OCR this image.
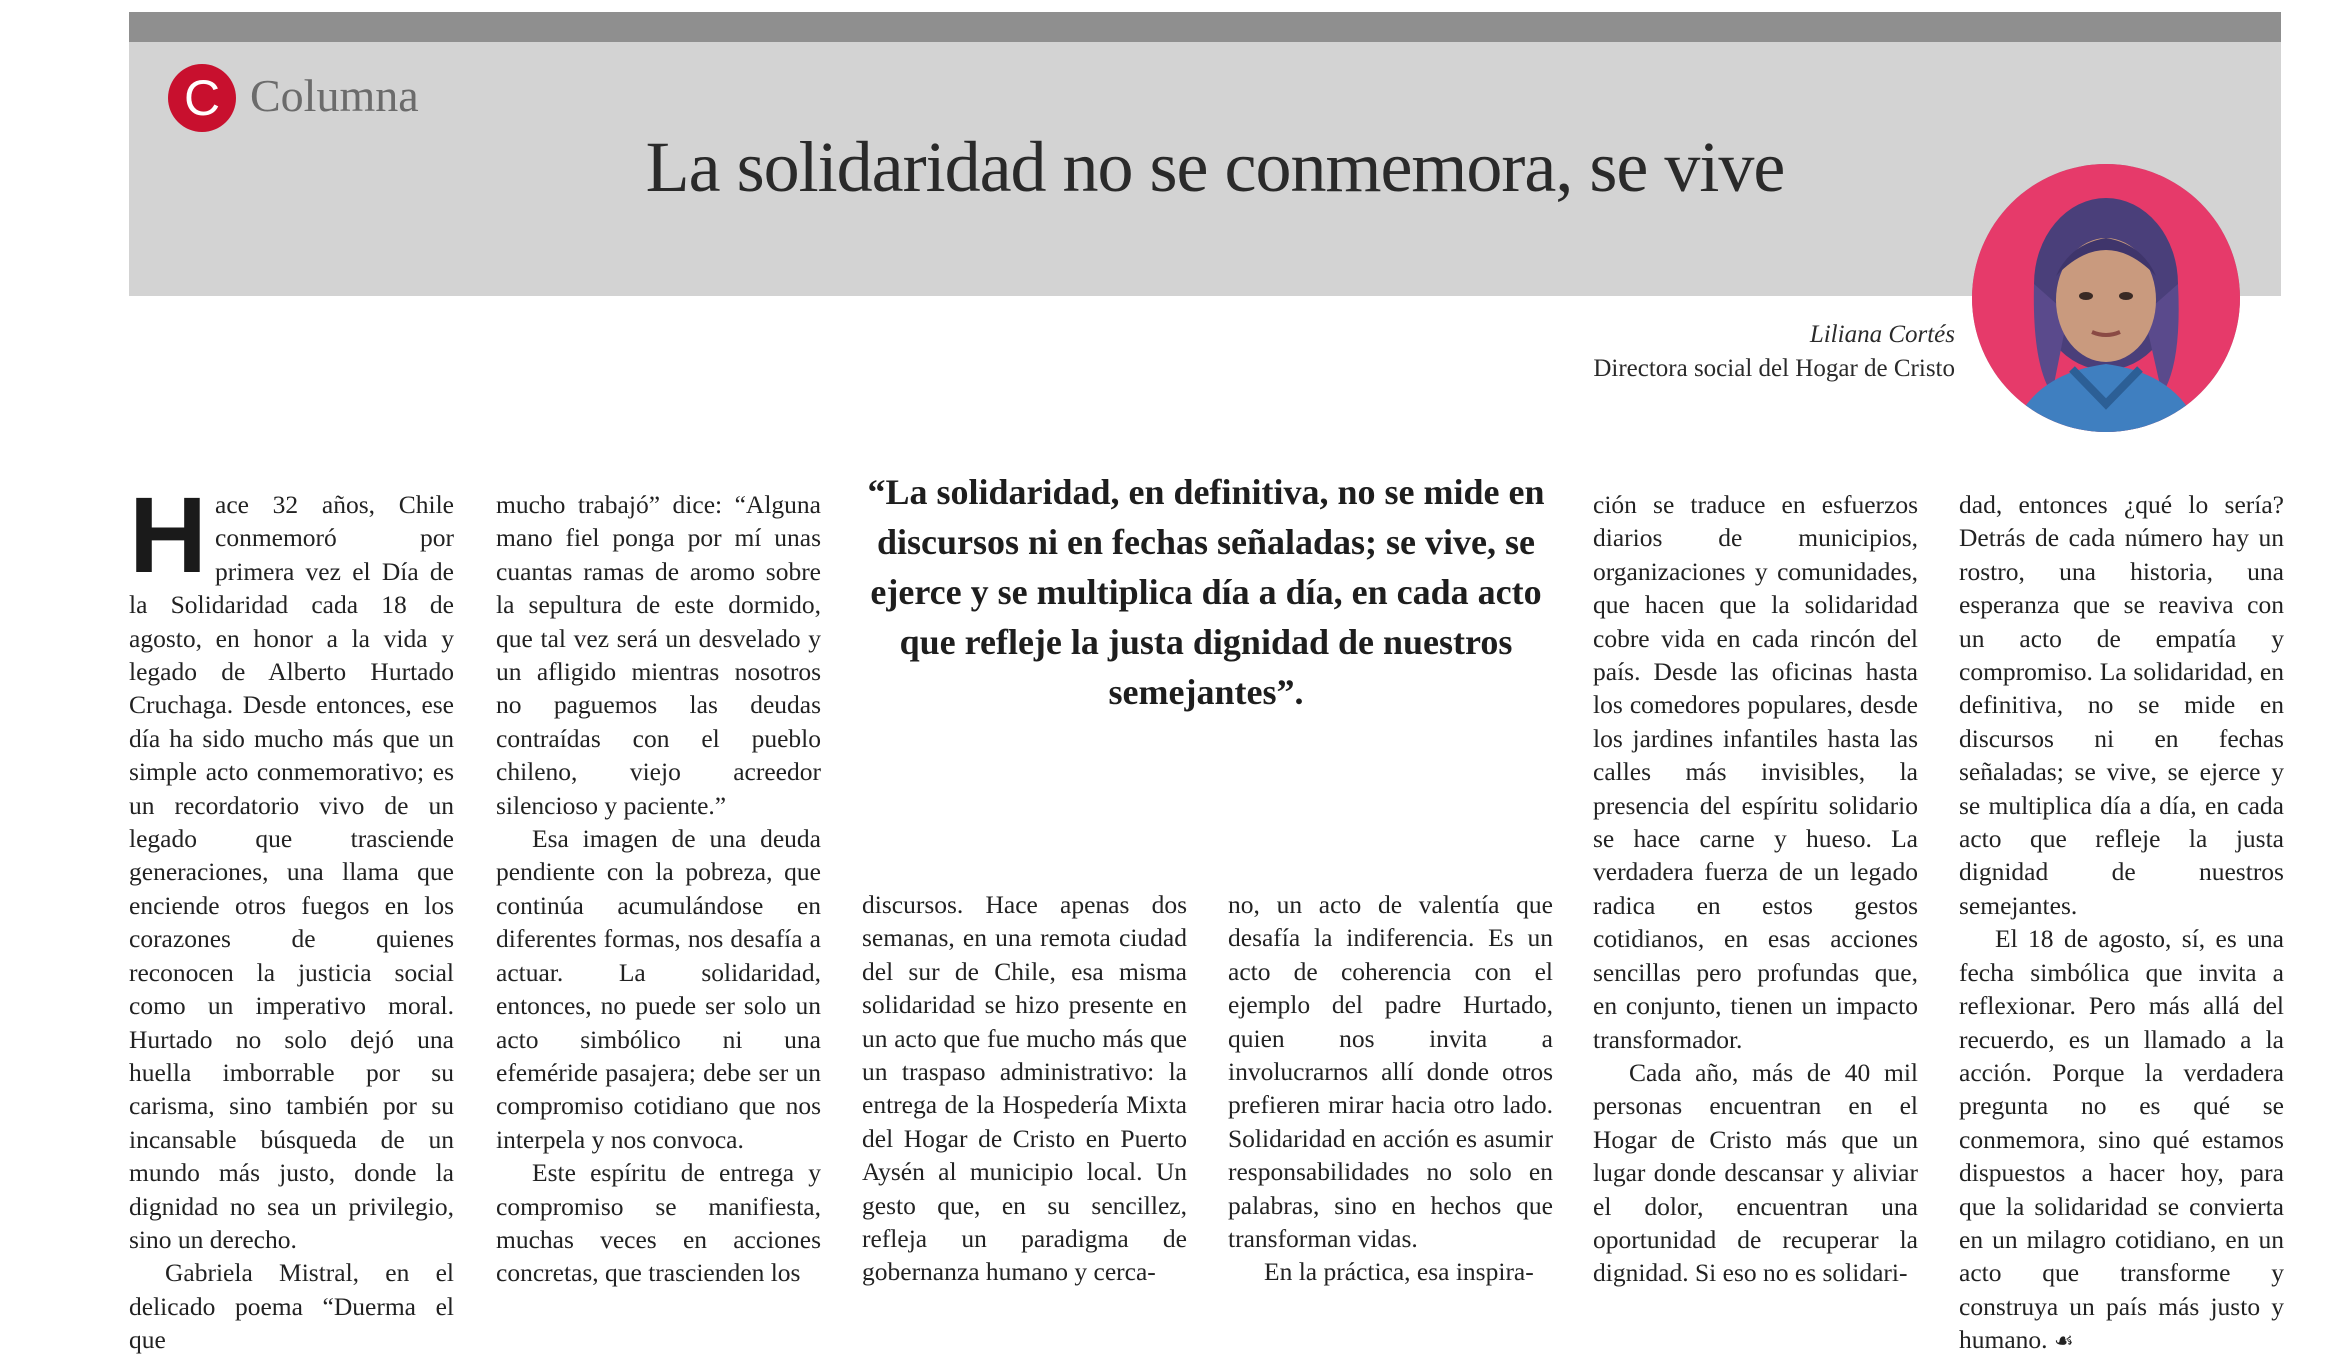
C Columna
La solidaridad no se conmemora, se vive
Liliana Cortés
Directora social del Hogar de Cristo

Hace 32 años, Chile conmemoró por primera vez el Día de la Solidaridad cada 18 de agosto, en honor a la vida y legado de Alberto Hurtado Cruchaga. Desde entonces, ese día ha sido mucho más que un simple acto conmemorativo; es un recordatorio vivo de un legado que trasciende generaciones, una llama que enciende otros fuegos en los corazones de quienes reconocen la justicia social como un imperativo moral. Hurtado no solo dejó una huella imborrable por su carisma, sino también por su incansable búsqueda de un mundo más justo, donde la dignidad no sea un privilegio, sino un derecho.

Gabriela Mistral, en el delicado poema “Duerma el que

mucho trabajó” dice: “Alguna mano fiel ponga por mí unas cuantas ramas de aromo sobre la sepultura de este dormido, que tal vez será un desvelado y un afligido mientras nosotros no paguemos las deudas contraídas con el pueblo chileno, viejo acreedor silencioso y paciente.”

Esa imagen de una deuda pendiente con la pobreza, que continúa acumulándose en diferentes formas, nos desafía a actuar. La solidaridad, entonces, no puede ser solo un acto simbólico ni una efeméride pasajera; debe ser un compromiso cotidiano que nos interpela y nos convoca.

Este espíritu de entrega y compromiso se manifiesta, muchas veces en acciones concretas, que trascienden los

“La solidaridad, en definitiva, no se mide en discursos ni en fechas señaladas; se vive, se ejerce y se multiplica día a día, en cada acto que refleje la justa dignidad de nuestros semejantes”.

discursos. Hace apenas dos semanas, en una remota ciudad del sur de Chile, esa misma solidaridad se hizo presente en un acto que fue mucho más que un traspaso administrativo: la entrega de la Hospedería Mixta del Hogar de Cristo en Puerto Aysén al municipio local. Un gesto que, en su sencillez, refleja un paradigma de gobernanza humano y cerca-

no, un acto de valentía que desafía la indiferencia. Es un acto de coherencia con el ejemplo del padre Hurtado, quien nos invita a involucrarnos allí donde otros prefieren mirar hacia otro lado. Solidaridad en acción es asumir responsabilidades no solo en palabras, sino en hechos que transforman vidas.

En la práctica, esa inspira-

ción se traduce en esfuerzos diarios de municipios, organizaciones y comunidades, que hacen que la solidaridad cobre vida en cada rincón del país. Desde las oficinas hasta los comedores populares, desde los jardines infantiles hasta las calles más invisibles, la presencia del espíritu solidario se hace carne y hueso. La verdadera fuerza de un legado radica en estos gestos cotidianos, en esas acciones sencillas pero profundas que, en conjunto, tienen un impacto transformador.

Cada año, más de 40 mil personas encuentran en el Hogar de Cristo más que un lugar donde descansar y aliviar el dolor, encuentran una oportunidad de recuperar la dignidad. Si eso no es solidari-

dad, entonces ¿qué lo sería? Detrás de cada número hay un rostro, una historia, una esperanza que se reaviva con un acto de empatía y compromiso. La solidaridad, en definitiva, no se mide en discursos ni en fechas señaladas; se vive, se ejerce y se multiplica día a día, en cada acto que refleje la justa dignidad de nuestros semejantes.

El 18 de agosto, sí, es una fecha simbólica que invita a reflexionar. Pero más allá del recuerdo, es un llamado a la acción. Porque la verdadera pregunta no es qué se conmemora, sino qué estamos dispuestos a hacer hoy, para que la solidaridad se convierta en un milagro cotidiano, en un acto que transforme y construya un país más justo y humano. ☙
